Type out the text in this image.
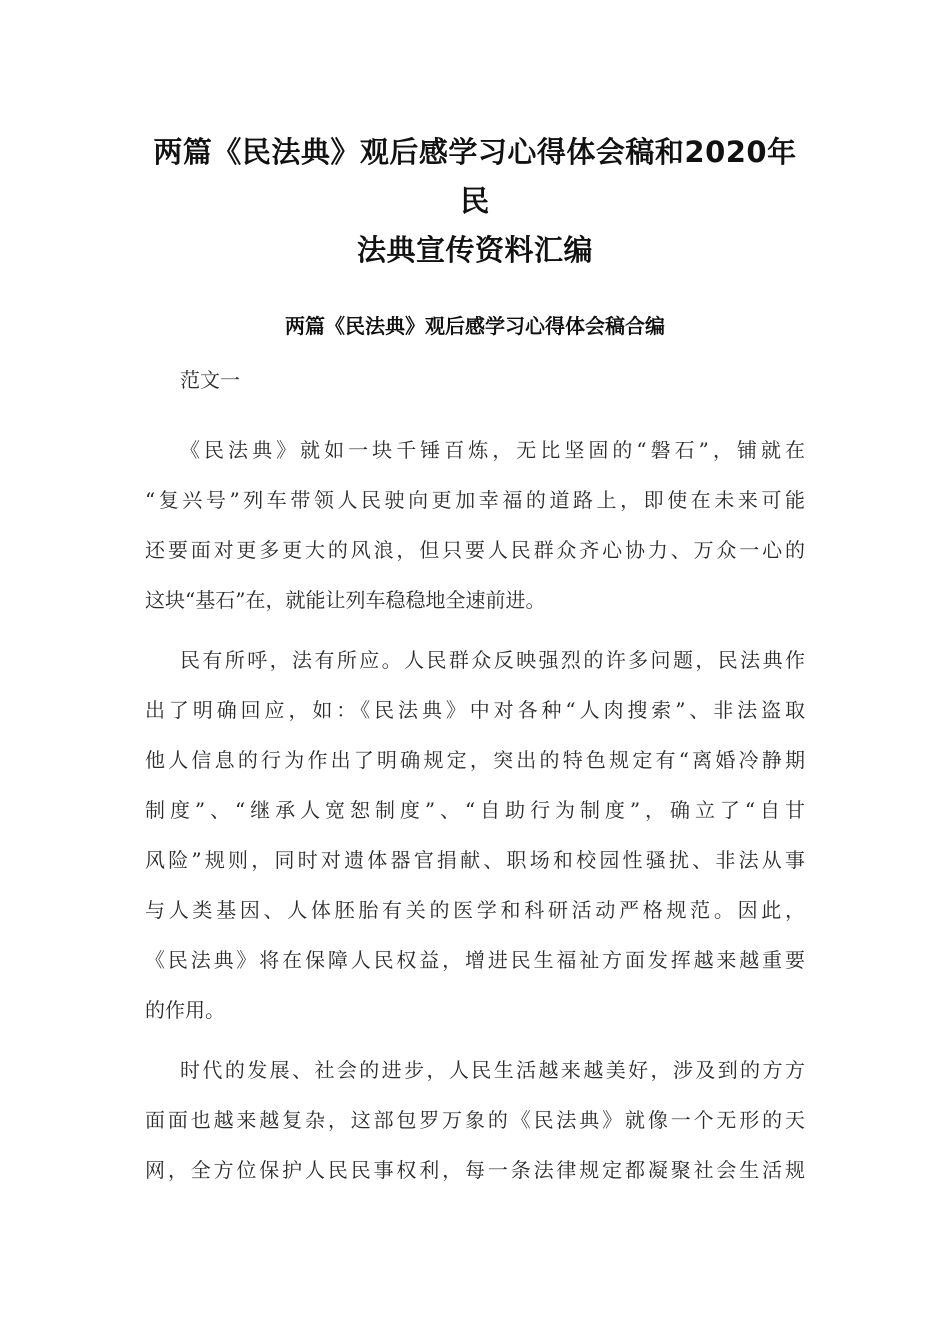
两篇《民法典》观后感学习心得体会稿和2020年民
法典宣传资料汇编
两篇《民法典》观后感学习心得体会稿合编
范文一
《民法典》就如一块千锤百炼，无比坚固的“磐石”，铺就在
“复兴号”列车带领人民驶向更加幸福的道路上，即使在未来可能
还要面对更多更大的风浪，但只要人民群众齐心协力、万众一心的
这块“基石”在，就能让列车稳稳地全速前进。
民有所呼，法有所应。人民群众反映强烈的许多问题，民法典作
出了明确回应，如：《民法典》中对各种“人肉搜索”、非法盗取
他人信息的行为作出了明确规定，突出的特色规定有“离婚冷静期
制度”、“继承人宽恕制度”、“自助行为制度”，确立了“自甘
风险”规则，同时对遗体器官捐献、职场和校园性骚扰、非法从事
与人类基因、人体胚胎有关的医学和科研活动严格规范。因此，
《民法典》将在保障人民权益，增进民生福祉方面发挥越来越重要
的作用。
时代的发展、社会的进步，人民生活越来越美好，涉及到的方方
面面也越来越复杂，这部包罗万象的《民法典》就像一个无形的天
网，全方位保护人民民事权利，每一条法律规定都凝聚社会生活规
